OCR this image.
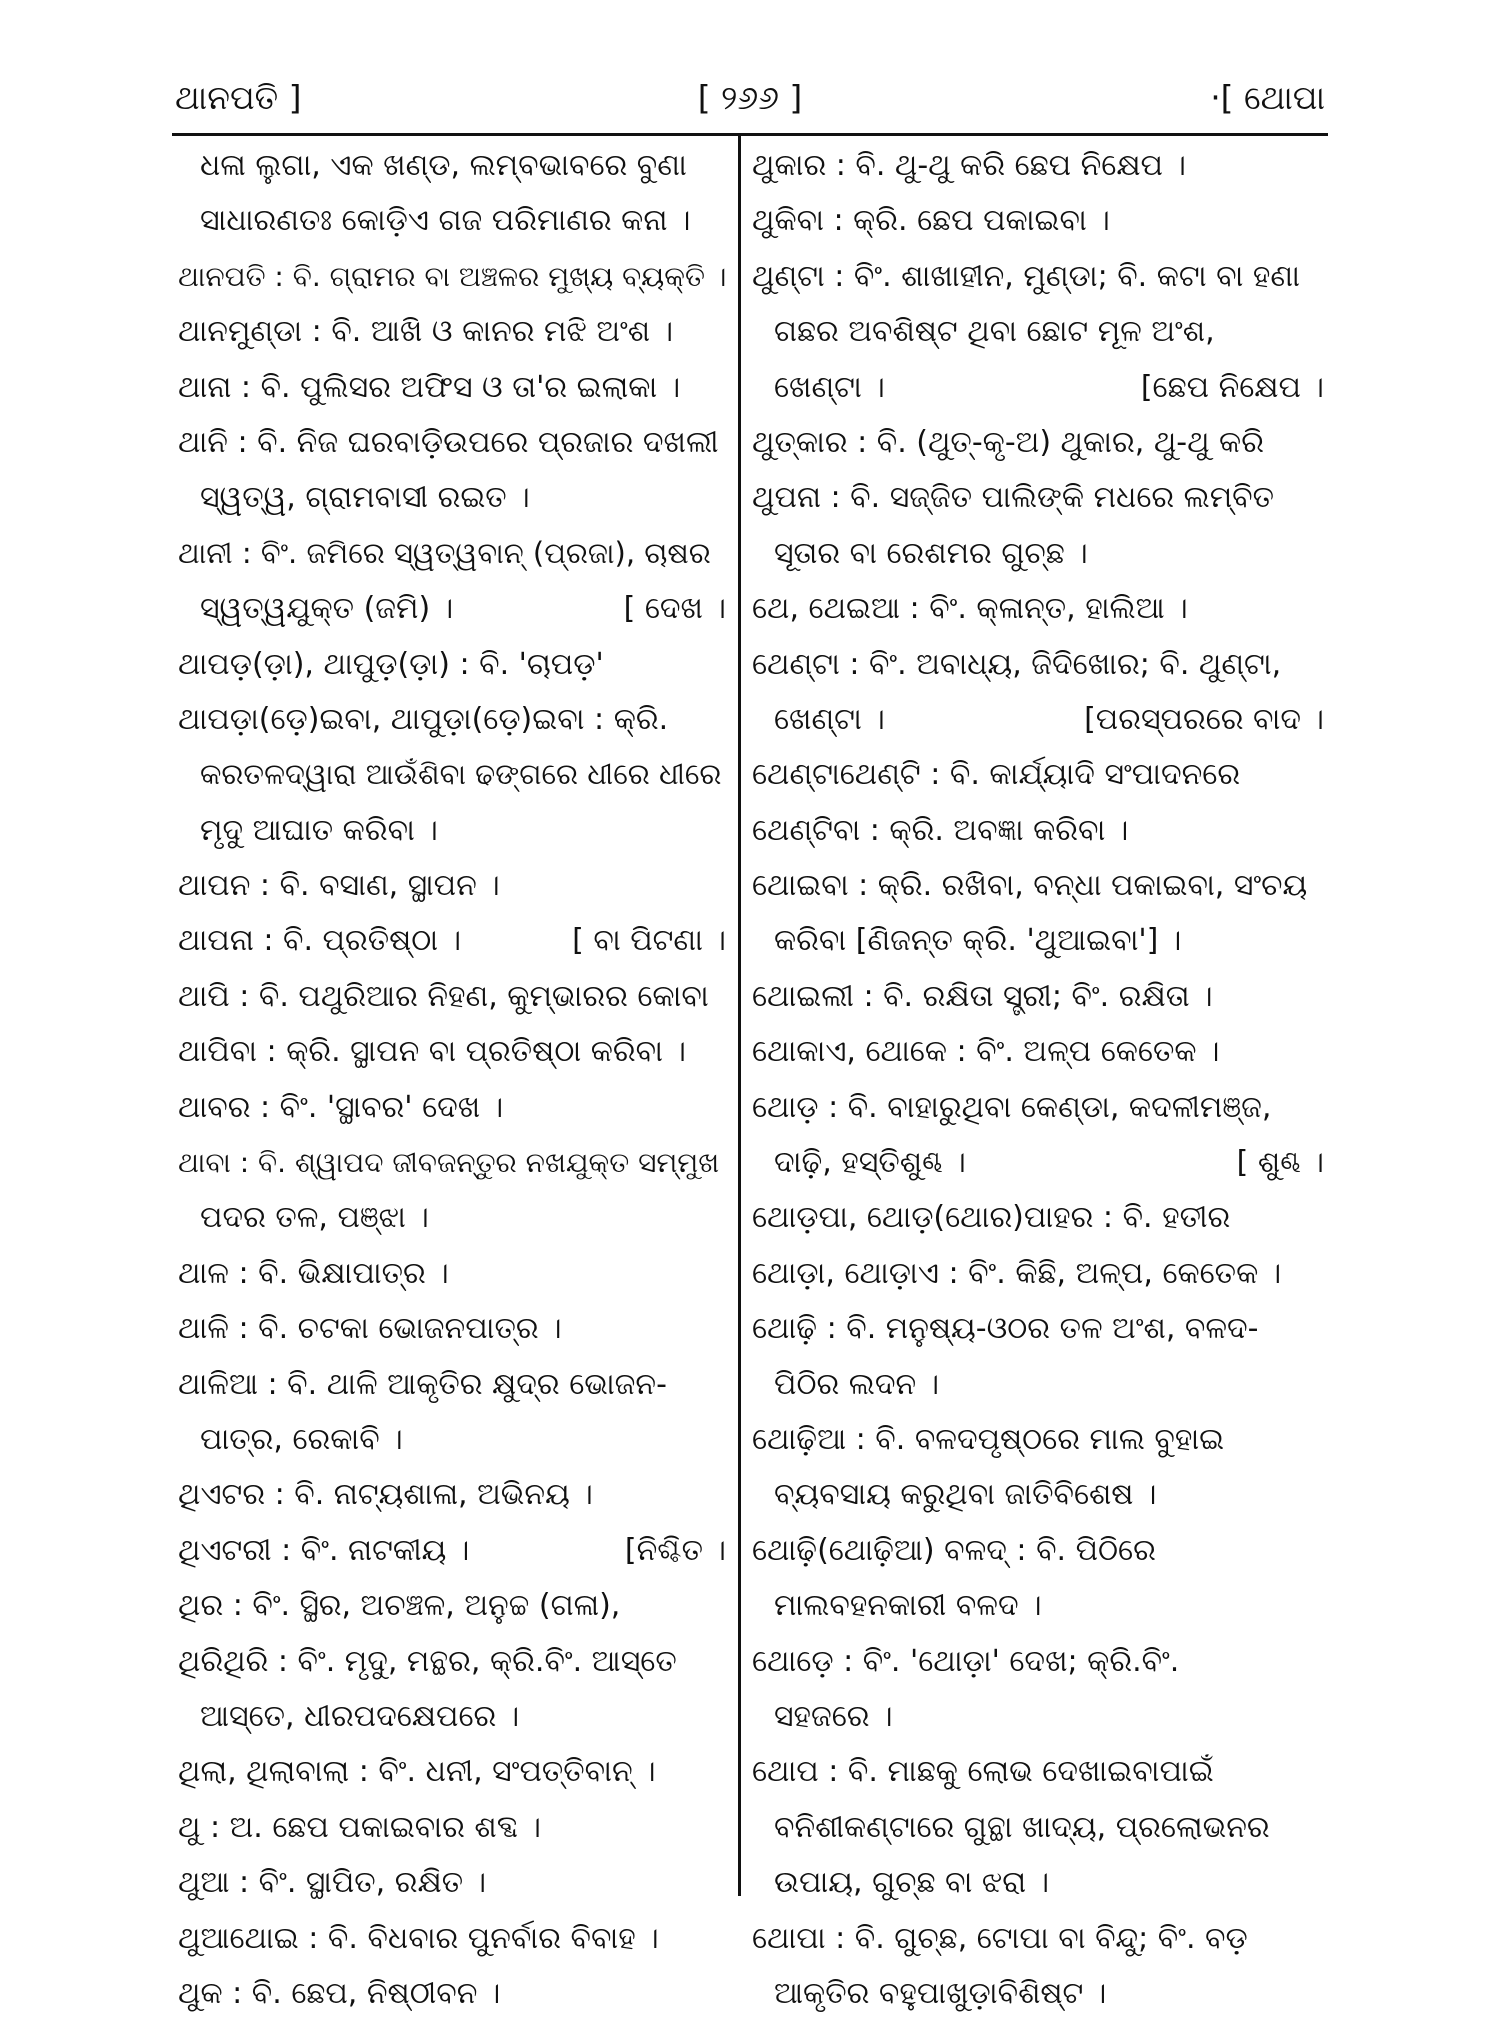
ଥାନପତି ]	[ ୨୬୬ ]	·[ ଥୋପା
ଧଳା ଲୁଗା, ଏକ ଖଣ୍ଡ, ଲମ୍ବଭାବରେ ବୁଣା
ସାଧାରଣତଃ କୋଡ଼ିଏ ଗଜ ପରିମାଣର କନା ।
ଥାନପତି : ବି. ଗ୍ରାମର ବା ଅଞ୍ଚଳର ମୁଖ୍ୟ ବ୍ୟକ୍ତି ।
ଥାନମୁଣ୍ଡା : ବି. ଆଖି ଓ କାନର ମଝି ଅଂଶ ।
ଥାନା : ବି. ପୁଲିସର ଅଫିସ ଓ ତା'ର ଇଲାକା ।
ଥାନି : ବି. ନିଜ ଘରବାଡ଼ିଉପରେ ପ୍ରଜାର ଦଖଲୀ
ସ୍ୱତ୍ୱ, ଗ୍ରାମବାସୀ ରଇତ ।
ଥାନୀ : ବିଂ. ଜମିରେ ସ୍ୱତ୍ୱବାନ୍ (ପ୍ରଜା), ଚାଷର
ସ୍ୱତ୍ୱଯୁକ୍ତ (ଜମି) ।	[ ଦେଖ ।
ଥାପଡ଼(ଡ଼ା), ଥାପୁଡ଼(ଡ଼ା) : ବି. 'ଚାପଡ଼'
ଥାପଡ଼ା(ଡ଼େ)ଇବା, ଥାପୁଡ଼ା(ଡ଼େ)ଇବା : କ୍ରି.
କରତଳଦ୍ୱାରା ଆଉଁଶିବା ଢଙ୍ଗରେ ଧୀରେ ଧୀରେ
ମୃଦୁ ଆଘାତ କରିବା ।
ଥାପନ : ବି. ବସାଣ, ସ୍ଥାପନ ।
ଥାପନା : ବି. ପ୍ରତିଷ୍ଠା ।	[ ବା ପିଟଣା ।
ଥାପି : ବି. ପଥୁରିଆର ନିହଣ, କୁମ୍ଭାରର କୋବା
ଥାପିବା : କ୍ରି. ସ୍ଥାପନ ବା ପ୍ରତିଷ୍ଠା କରିବା ।
ଥାବର : ବିଂ. 'ସ୍ଥାବର' ଦେଖ ।
ଥାବା : ବି. ଶ୍ୱାପଦ ଜୀବଜନ୍ତୁର ନଖଯୁକ୍ତ ସମ୍ମୁଖ
ପଦର ତଳ, ପଞ୍ଝା ।
ଥାଳ : ବି. ଭିକ୍ଷାପାତ୍ର ।
ଥାଳି : ବି. ଚଟକା ଭୋଜନପାତ୍ର ।
ଥାଳିଆ : ବି. ଥାଳି ଆକୃତିର କ୍ଷୁଦ୍ର ଭୋଜନ-
ପାତ୍ର, ରେକାବି ।
ଥିଏଟର : ବି. ନାଟ୍ୟଶାଳା, ଅଭିନୟ ।
ଥିଏଟରୀ : ବିଂ. ନାଟକୀୟ ।	[ନିଶ୍ଚିତ ।
ଥିର : ବିଂ. ସ୍ଥିର, ଅଚଞ୍ଚଳ, ଅନୁଚ୍ଚ (ଗଳା),
ଥିରିଥିରି : ବିଂ. ମୃଦୁ, ମନ୍ଥର, କ୍ରି.ବିଂ. ଆସ୍ତେ
ଆସ୍ତେ, ଧୀରପଦକ୍ଷେପରେ ।
ଥିଲା, ଥିଲାବାଲା : ବିଂ. ଧନୀ, ସଂପତ୍ତିବାନ୍ ।
ଥୁ : ଅ. ଛେପ ପକାଇବାର ଶବ୍ଦ ।
ଥୁଆ : ବିଂ. ସ୍ଥାପିତ, ରକ୍ଷିତ ।
ଥୁଆଥୋଇ : ବି. ବିଧବାର ପୁନର୍ବାର ବିବାହ ।
ଥୁକ : ବି. ଛେପ, ନିଷ୍ଠୀବନ ।
ଥୁକାର : ବି. ଥୁ-ଥୁ କରି ଛେପ ନିକ୍ଷେପ ।
ଥୁକିବା : କ୍ରି. ଛେପ ପକାଇବା ।
ଥୁଣ୍ଟା : ବିଂ. ଶାଖାହୀନ, ମୁଣ୍ଡା; ବି. କଟା ବା ହଣା
ଗଛର ଅବଶିଷ୍ଟ ଥିବା ଛୋଟ ମୂଳ ଅଂଶ,
ଖେଣ୍ଟା ।	[ଛେପ ନିକ୍ଷେପ ।
ଥୁତ୍କାର : ବି. (ଥୁତ୍-କୃ-ଅ) ଥୁକାର, ଥୁ-ଥୁ କରି
ଥୁପନା : ବି. ସଜ୍ଜିତ ପାଲିଙ୍କି ମଧରେ ଲମ୍ବିତ
ସୂତାର ବା ରେଶମର ଗୁଚ୍ଛ ।
ଥେ, ଥେଇଆ : ବିଂ. କ୍ଳାନ୍ତ, ହାଲିଆ ।
ଥେଣ୍ଟା : ବିଂ. ଅବାଧ୍ୟ, ଜିଦିଖୋର; ବି. ଥୁଣ୍ଟା,
ଖେଣ୍ଟା ।	[ପରସ୍ପରରେ ବାଦ ।
ଥେଣ୍ଟାଥେଣ୍ଟି : ବି. କାର୍ଯ୍ୟାଦି ସଂପାଦନରେ
ଥେଣ୍ଟିବା : କ୍ରି. ଅବଜ୍ଞା କରିବା ।
ଥୋଇବା : କ୍ରି. ରଖିବା, ବନ୍ଧା ପକାଇବା, ସଂଚୟ
କରିବା [ଣିଜନ୍ତ କ୍ରି. 'ଥୁଆଇବା'] ।
ଥୋଇଲୀ : ବି. ରକ୍ଷିତା ସ୍ତ୍ରୀ; ବିଂ. ରକ୍ଷିତା ।
ଥୋକାଏ, ଥୋକେ : ବିଂ. ଅଳ୍ପ କେତେକ ।
ଥୋଡ଼ : ବି. ବାହାରୁଥିବା କେଣ୍ଡା, କଦଳୀମଞ୍ଜ,
ଦାଢ଼ି, ହସ୍ତିଶୁଣ୍ଢ ।	[ ଶୁଣ୍ଢ ।
ଥୋଡ଼ପା, ଥୋଡ଼(ଥୋର)ପାହର : ବି. ହତୀର
ଥୋଡ଼ା, ଥୋଡ଼ାଏ : ବିଂ. କିଛି, ଅଳ୍ପ, କେତେକ ।
ଥୋଢ଼ି : ବି. ମନୁଷ୍ୟ-ଓଠର ତଳ ଅଂଶ, ବଳଦ-
ପିଠିର ଲଦନ ।
ଥୋଢ଼ିଆ : ବି. ବଳଦପୃଷ୍ଠରେ ମାଲ ବୁହାଇ
ବ୍ୟବସାୟ କରୁଥିବା ଜାତିବିଶେଷ ।
ଥୋଢ଼ି(ଥୋଢ଼ିଆ) ବଳଦ୍ : ବି. ପିଠିରେ
ମାଲବହନକାରୀ ବଳଦ ।
ଥୋଡ଼େ : ବିଂ. 'ଥୋଡ଼ା' ଦେଖ; କ୍ରି.ବିଂ.
ସହଜରେ ।
ଥୋପ : ବି. ମାଛକୁ ଲୋଭ ଦେଖାଇବାପାଇଁ
ବନିଶୀକଣ୍ଟାରେ ଗୁନ୍ଥା ଖାଦ୍ୟ, ପ୍ରଲୋଭନର
ଉପାୟ, ଗୁଚ୍ଛ ବା ଝରା ।
ଥୋପା : ବି. ଗୁଚ୍ଛ, ଟୋପା ବା ବିନ୍ଦୁ; ବିଂ. ବଡ଼
ଆକୃତିର ବହୁପାଖୁଡ଼ାବିଶିଷ୍ଟ ।
